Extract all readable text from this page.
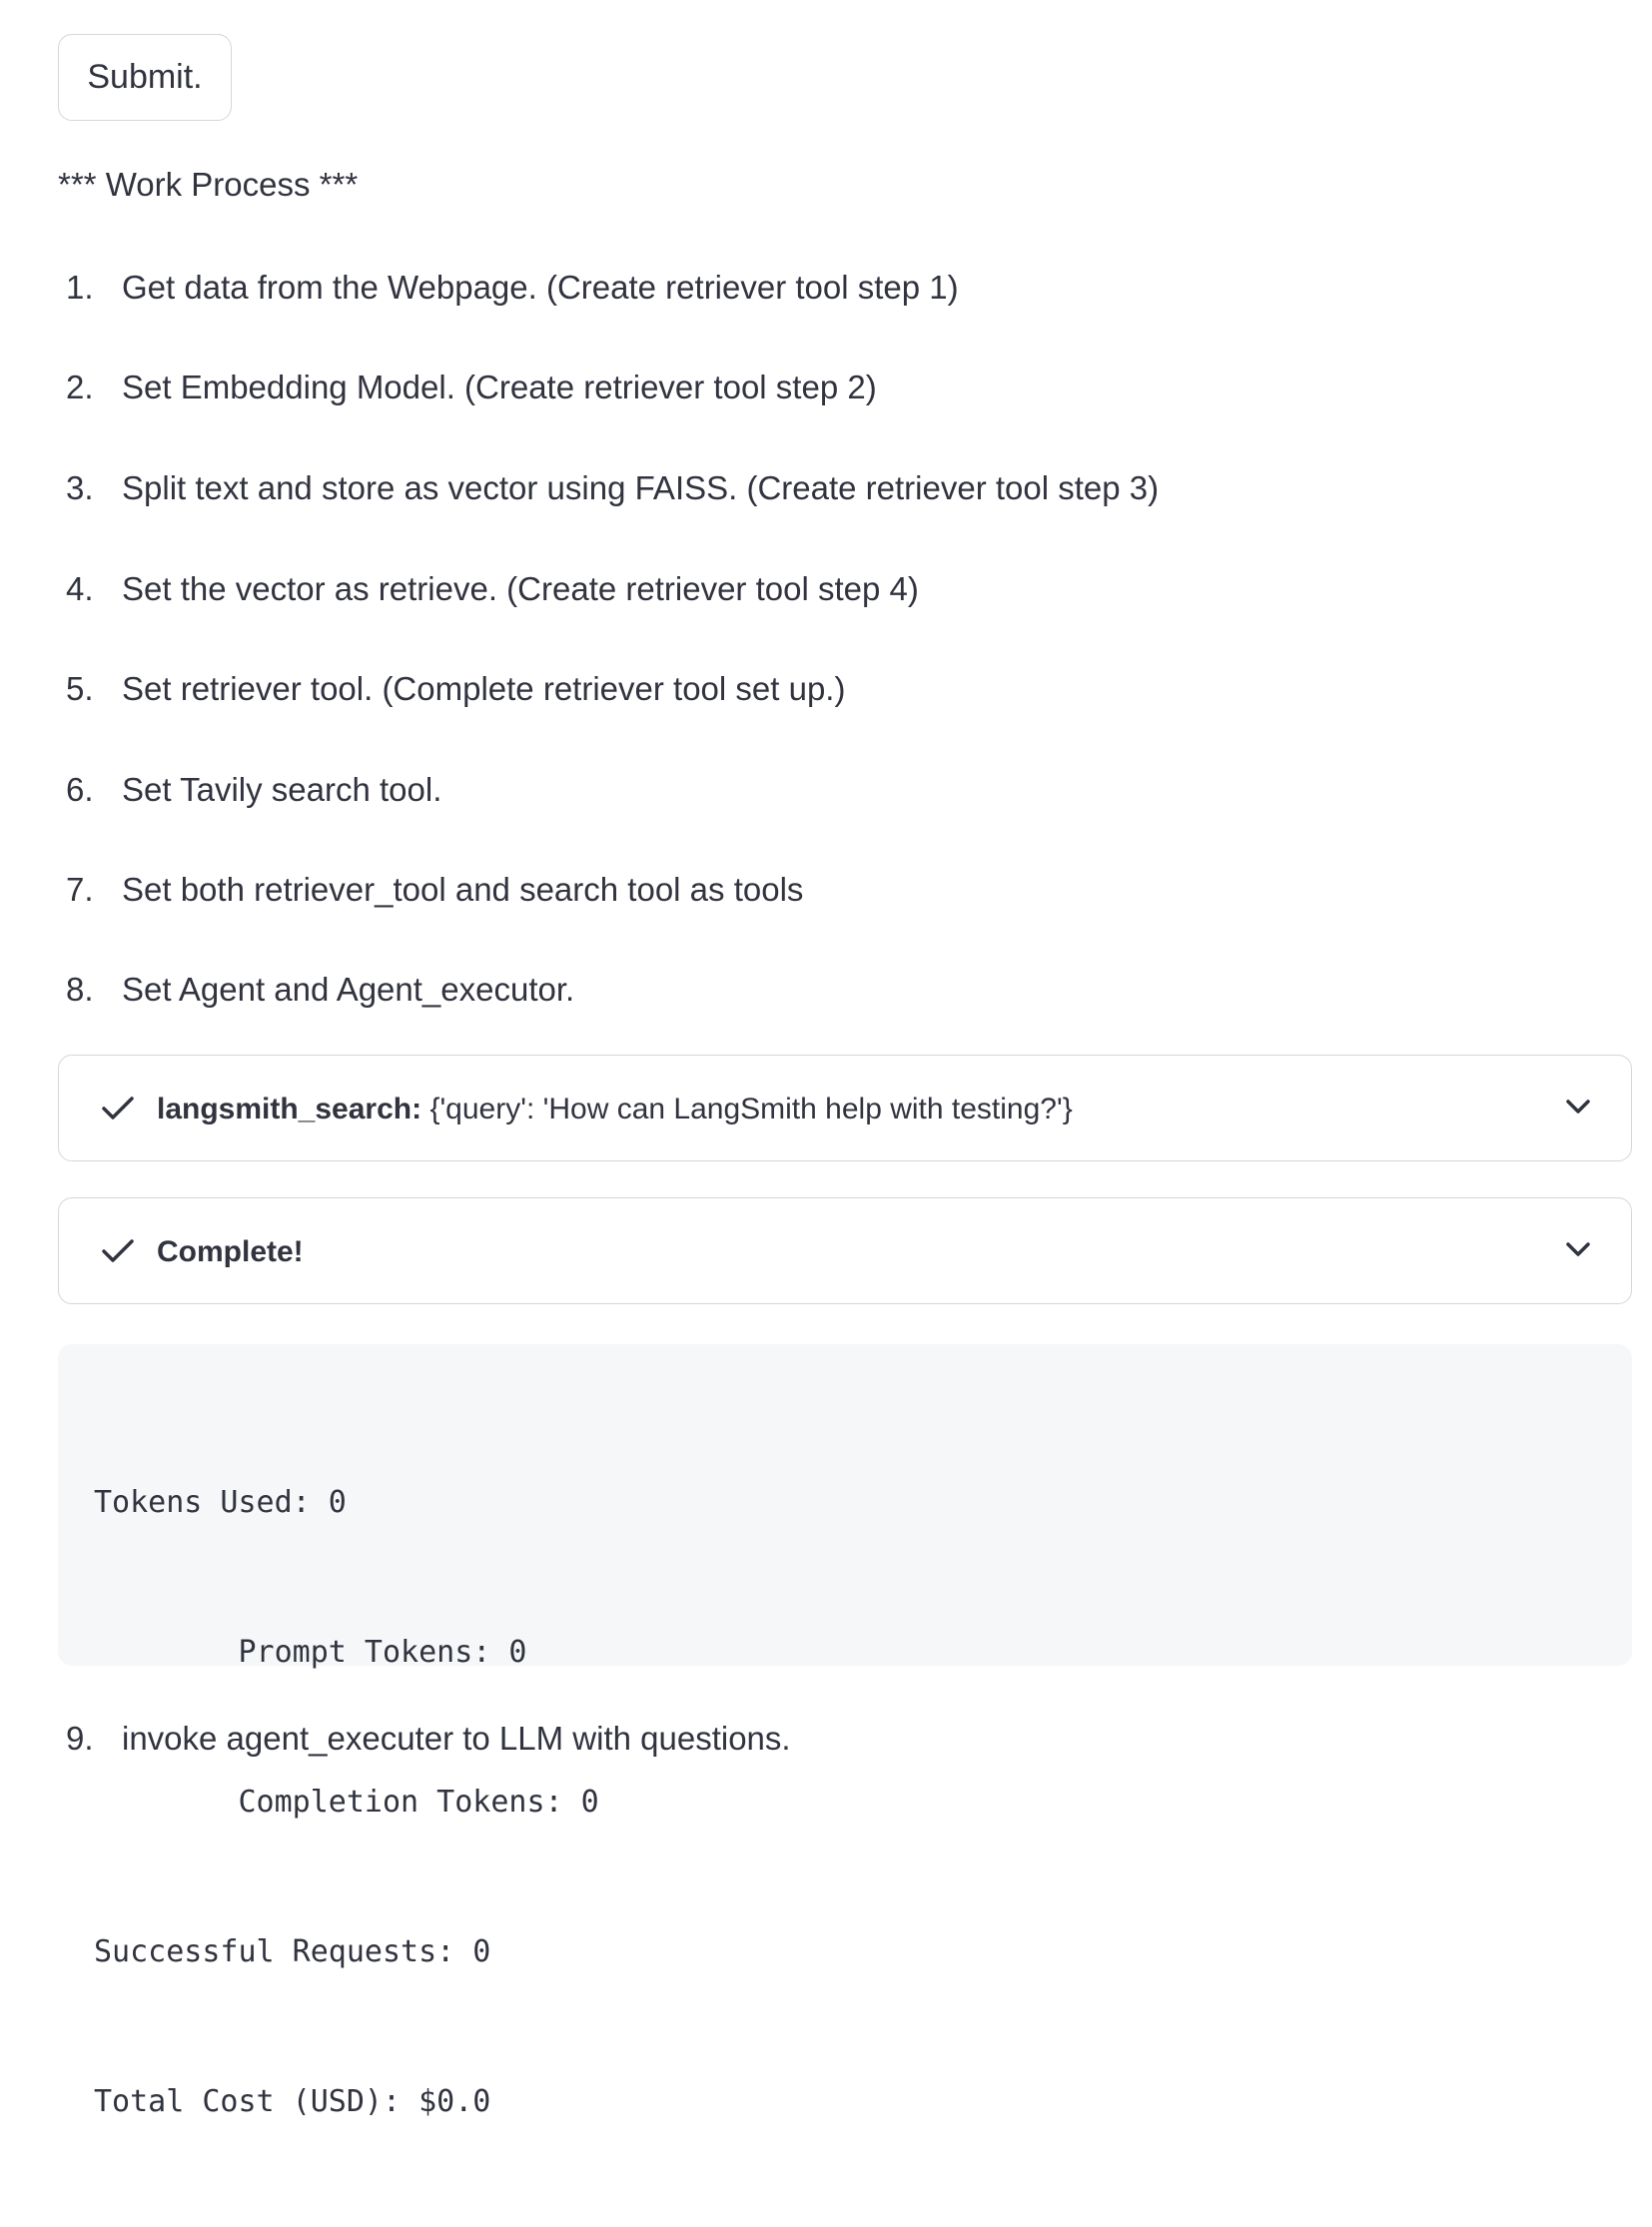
Submit.
*** Work Process ***
1. Get data from the Webpage. (Create retriever tool step 1)
2. Set Embedding Model. (Create retriever tool step 2)
3. Split text and store as vector using FAISS. (Create retriever tool step 3)
4. Set the vector as retrieve. (Create retriever tool step 4)
5. Set retriever tool. (Complete retriever tool set up.)
6. Set Tavily search tool.
7. Set both retriever_tool and search tool as tools
8. Set Agent and Agent_executor.
9. invoke agent_executer to LLM with questions.
langsmith_search: {'query': 'How can LangSmith help with testing?'}
Complete!

Tokens Used: 0

	Prompt Tokens: 0

	Completion Tokens: 0

Successful Requests: 0

Total Cost (USD): $0.0
